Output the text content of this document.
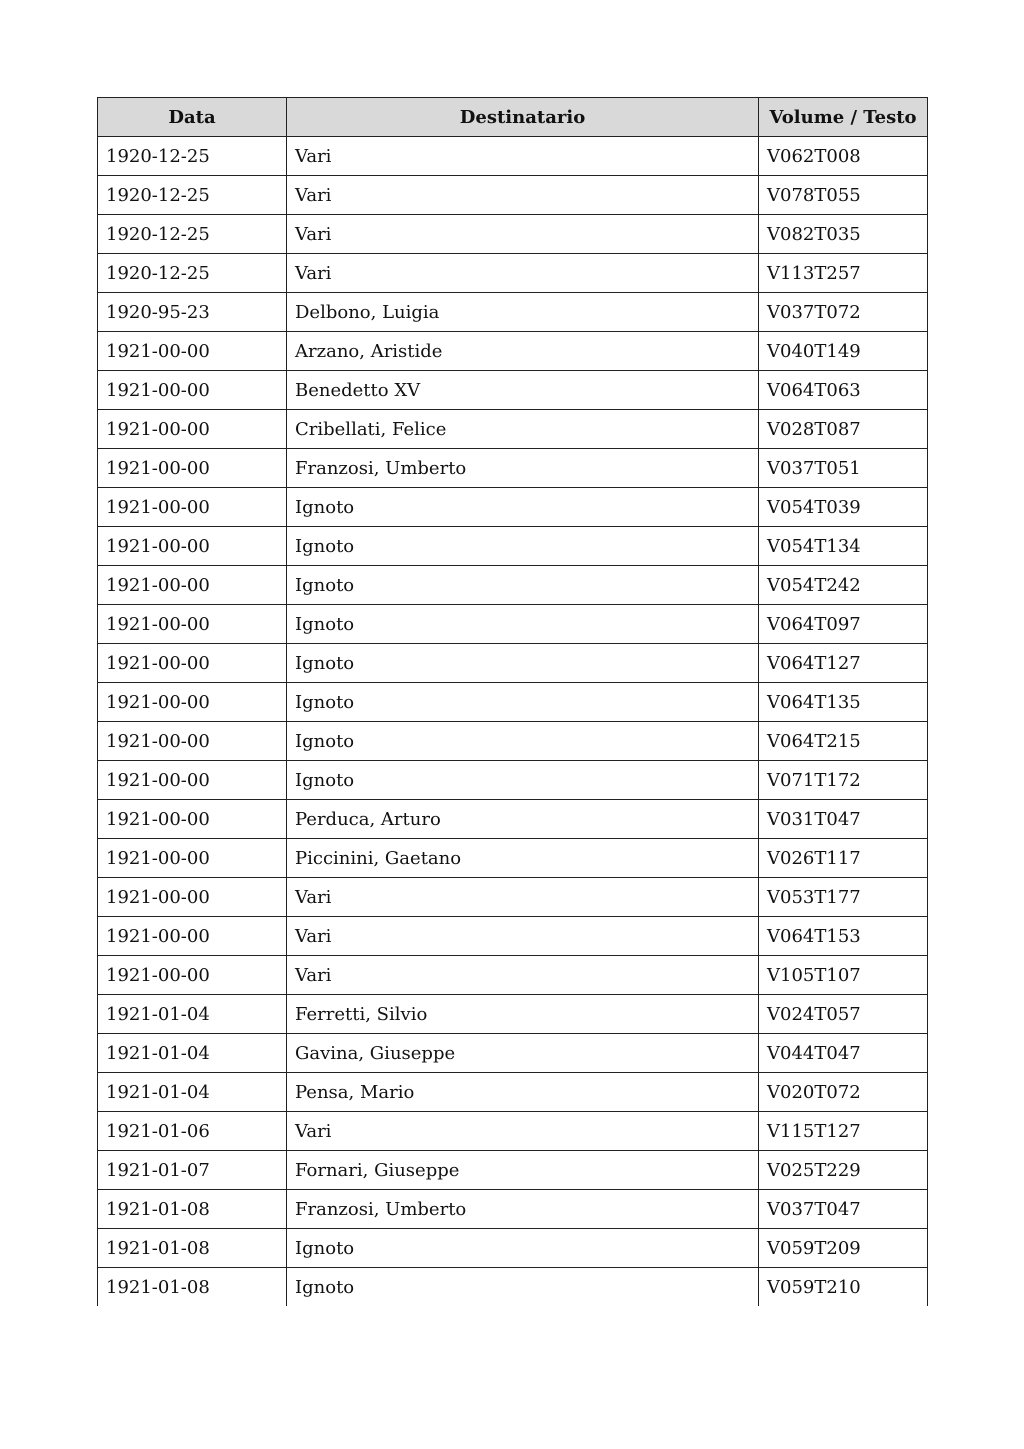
Data	Destinatario	Volume / Testo
1920-12-25	Vari	V062T008
1920-12-25	Vari	V078T055
1920-12-25	Vari	V082T035
1920-12-25	Vari	V113T257
1920-95-23	Delbono, Luigia	V037T072
1921-00-00	Arzano, Aristide	V040T149
1921-00-00	Benedetto XV	V064T063
1921-00-00	Cribellati, Felice	V028T087
1921-00-00	Franzosi, Umberto	V037T051
1921-00-00	Ignoto	V054T039
1921-00-00	Ignoto	V054T134
1921-00-00	Ignoto	V054T242
1921-00-00	Ignoto	V064T097
1921-00-00	Ignoto	V064T127
1921-00-00	Ignoto	V064T135
1921-00-00	Ignoto	V064T215
1921-00-00	Ignoto	V071T172
1921-00-00	Perduca, Arturo	V031T047
1921-00-00	Piccinini, Gaetano	V026T117
1921-00-00	Vari	V053T177
1921-00-00	Vari	V064T153
1921-00-00	Vari	V105T107
1921-01-04	Ferretti, Silvio	V024T057
1921-01-04	Gavina, Giuseppe	V044T047
1921-01-04	Pensa, Mario	V020T072
1921-01-06	Vari	V115T127
1921-01-07	Fornari, Giuseppe	V025T229
1921-01-08	Franzosi, Umberto	V037T047
1921-01-08	Ignoto	V059T209
1921-01-08	Ignoto	V059T210
